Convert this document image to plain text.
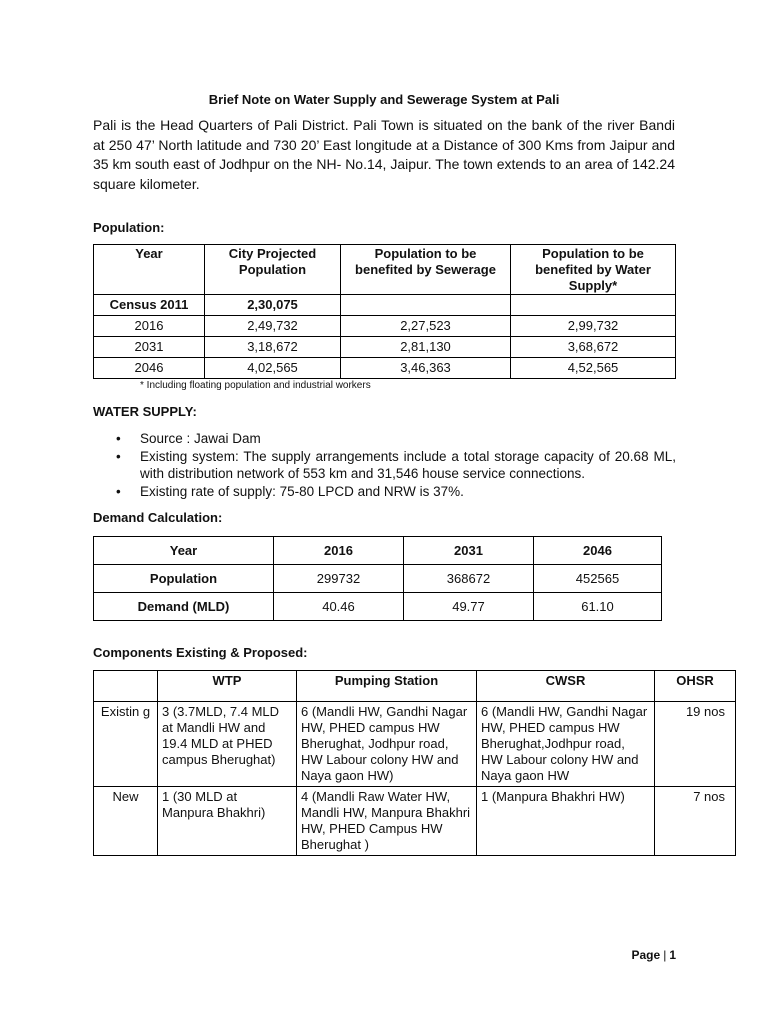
Brief Note on Water Supply and Sewerage System at Pali

Pali is the Head Quarters of Pali District. Pali Town is situated on the bank of the river Bandi at 250 47’ North latitude and 730 20’ East longitude at a Distance of 300 Kms from Jaipur and 35 km south east of Jodhpur on the NH- No.14, Jaipur. The town extends to an area of 142.24 square kilometer.

Population:
Year	City Projected Population	Population to be benefited by Sewerage	Population to be benefited by Water Supply*
Census 2011	2,30,075		
2016	2,49,732	2,27,523	2,99,732
2031	3,18,672	2,81,130	3,68,672
2046	4,02,565	3,46,363	4,52,565
* Including floating population and industrial workers
WATER SUPPLY:
• Source : Jawai Dam
• Existing system: The supply arrangements include a total storage capacity of 20.68 ML, with distribution network of 553 km and 31,546 house service connections.
• Existing rate of supply: 75-80 LPCD and NRW is 37%.
Demand Calculation:
Year	2016	2031	2046
Population	299732	368672	452565
Demand (MLD)	40.46	49.77	61.10
Components Existing & Proposed:
	WTP	Pumping Station	CWSR	OHSR
Existin g	3 (3.7MLD, 7.4 MLD at Mandli HW and 19.4 MLD at PHED campus Bherughat)	6 (Mandli HW, Gandhi Nagar HW, PHED campus HW Bherughat, Jodhpur road, HW Labour colony HW and Naya gaon HW)	6 (Mandli HW, Gandhi Nagar HW, PHED campus HW Bherughat,Jodhpur road, HW Labour colony HW and Naya gaon HW	19 nos
New	1 (30 MLD at Manpura Bhakhri)	4 (Mandli Raw Water HW, Mandli HW, Manpura Bhakhri HW, PHED Campus HW Bherughat )	1 (Manpura Bhakhri HW)	7 nos
Page | 1
